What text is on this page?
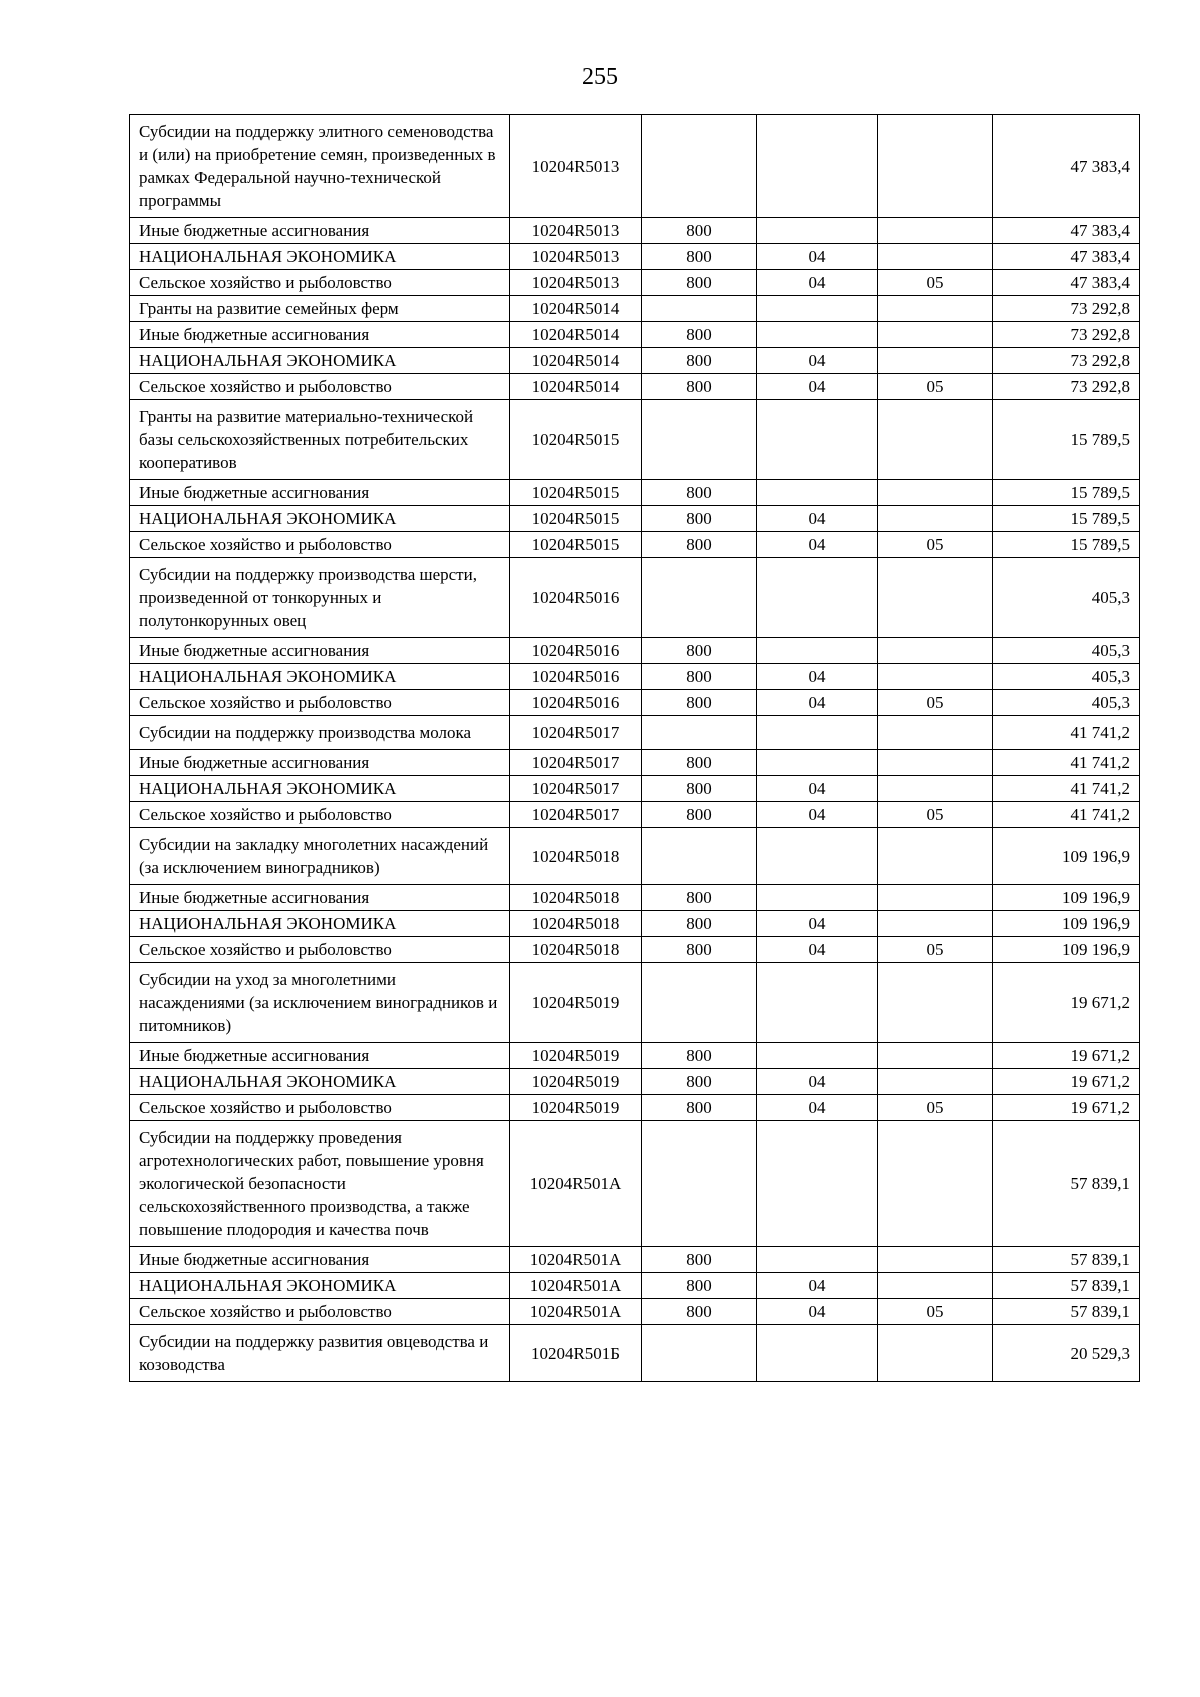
255
Субсидии на поддержку элитного семеноводства и (или) на приобретение семян, произведенных в рамках Федеральной научно-технической программы	10204R5013				47 383,4
Иные бюджетные ассигнования	10204R5013	800			47 383,4
НАЦИОНАЛЬНАЯ ЭКОНОМИКА	10204R5013	800	04		47 383,4
Сельское хозяйство и рыболовство	10204R5013	800	04	05	47 383,4
Гранты на развитие семейных ферм	10204R5014				73 292,8
Иные бюджетные ассигнования	10204R5014	800			73 292,8
НАЦИОНАЛЬНАЯ ЭКОНОМИКА	10204R5014	800	04		73 292,8
Сельское хозяйство и рыболовство	10204R5014	800	04	05	73 292,8
Гранты на развитие материально-технической базы сельскохозяйственных потребительских кооперативов	10204R5015				15 789,5
Иные бюджетные ассигнования	10204R5015	800			15 789,5
НАЦИОНАЛЬНАЯ ЭКОНОМИКА	10204R5015	800	04		15 789,5
Сельское хозяйство и рыболовство	10204R5015	800	04	05	15 789,5
Субсидии на поддержку производства шерсти, произведенной от тонкорунных и полутонкорунных овец	10204R5016				405,3
Иные бюджетные ассигнования	10204R5016	800			405,3
НАЦИОНАЛЬНАЯ ЭКОНОМИКА	10204R5016	800	04		405,3
Сельское хозяйство и рыболовство	10204R5016	800	04	05	405,3
Субсидии на поддержку производства молока	10204R5017				41 741,2
Иные бюджетные ассигнования	10204R5017	800			41 741,2
НАЦИОНАЛЬНАЯ ЭКОНОМИКА	10204R5017	800	04		41 741,2
Сельское хозяйство и рыболовство	10204R5017	800	04	05	41 741,2
Субсидии на закладку многолетних насаждений (за исключением виноградников)	10204R5018				109 196,9
Иные бюджетные ассигнования	10204R5018	800			109 196,9
НАЦИОНАЛЬНАЯ ЭКОНОМИКА	10204R5018	800	04		109 196,9
Сельское хозяйство и рыболовство	10204R5018	800	04	05	109 196,9
Субсидии на уход за многолетними насаждениями (за исключением виноградников и питомников)	10204R5019				19 671,2
Иные бюджетные ассигнования	10204R5019	800			19 671,2
НАЦИОНАЛЬНАЯ ЭКОНОМИКА	10204R5019	800	04		19 671,2
Сельское хозяйство и рыболовство	10204R5019	800	04	05	19 671,2
Субсидии на поддержку проведения агротехнологических работ, повышение уровня экологической безопасности сельскохозяйственного производства, а также повышение плодородия и качества почв	10204R501А				57 839,1
Иные бюджетные ассигнования	10204R501А	800			57 839,1
НАЦИОНАЛЬНАЯ ЭКОНОМИКА	10204R501А	800	04		57 839,1
Сельское хозяйство и рыболовство	10204R501А	800	04	05	57 839,1
Субсидии на поддержку развития овцеводства и козоводства	10204R501Б				20 529,3
